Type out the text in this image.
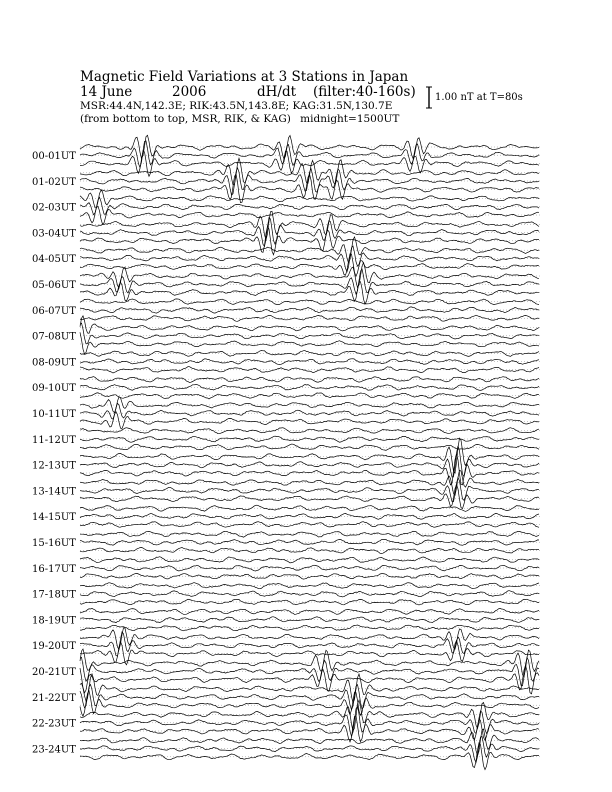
Magnetic Field Variations at 3 Stations in Japan
14 June	2006	dH/dt (filter:40-160s)
MSR:44.4N,142.3E; RIK:43.5N,143.8E; KAG:31.5N,130.7E
(from bottom to top, MSR, RIK, & KAG) midnight=1500UT
1.00 nT at T=80s
00-01UT
01-02UT
02-03UT
03-04UT
04-05UT
05-06UT
06-07UT
07-08UT
08-09UT
09-10UT
10-11UT
11-12UT
12-13UT
13-14UT
14-15UT
15-16UT
16-17UT
17-18UT
18-19UT
19-20UT
20-21UT
21-22UT
22-23UT
23-24UT
